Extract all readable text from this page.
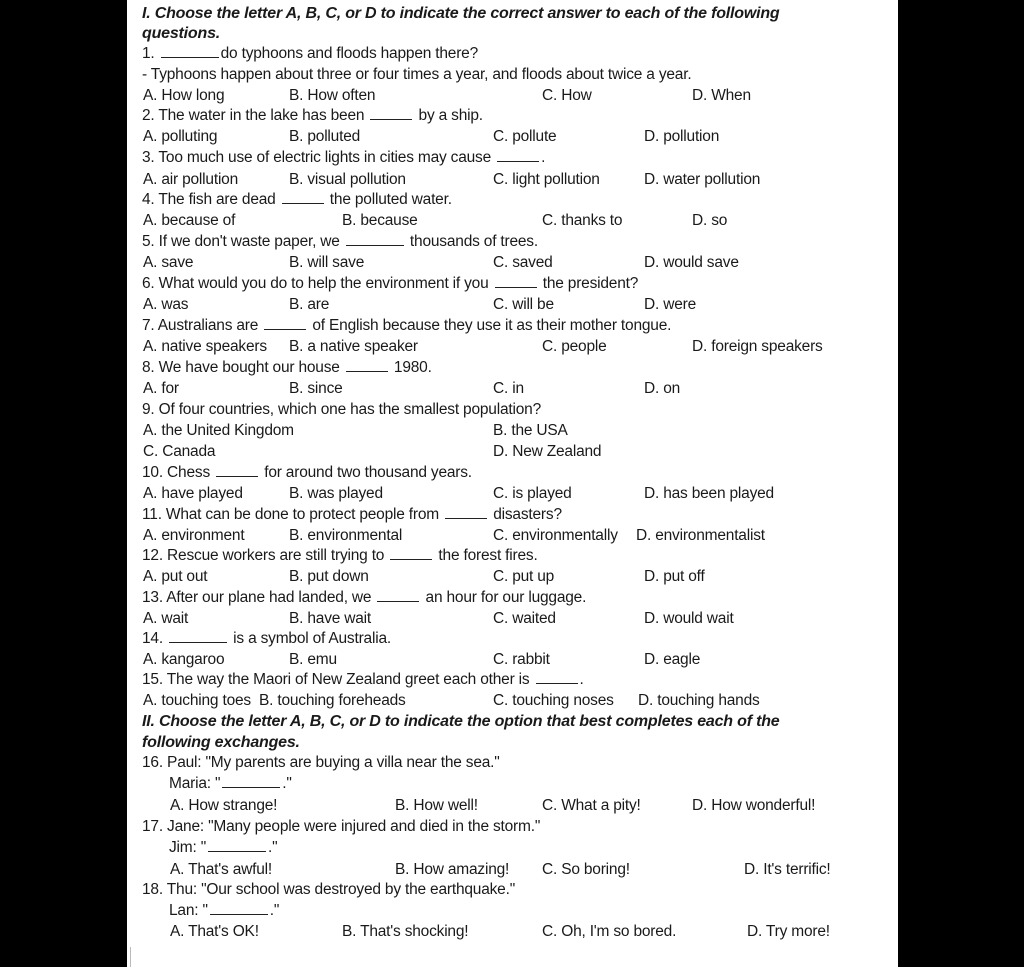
I. Choose the letter A, B, C, or D to indicate the correct answer to each of the following
questions.
1.	do typhoons and floods happen there?
- Typhoons happen about three or four times a year, and floods about twice a year.
A. How long	B. How often	C. How	D. When
2. The water in the lake has been	by a ship.
A. polluting	B. polluted	C. pollute	D. pollution
3. Too much use of electric lights in cities may cause	.
A. air pollution	B. visual pollution	C. light pollution	D. water pollution
4. The fish are dead	the polluted water.
A. because of	B. because	C. thanks to	D. so
5. If we don't waste paper, we	thousands of trees.
A. save	B. will save	C. saved	D. would save
6. What would you do to help the environment if you	the president?
A. was	B. are	C. will be	D. were
7. Australians are	of English because they use it as their mother tongue.
A. native speakers B. a native speaker	C. people	D. foreign speakers
8. We have bought our house	1980.
A. for	B. since	C. in	D. on
9. Of four countries, which one has the smallest population?
A. the United Kingdom	B. the USA
C. Canada	D. New Zealand
10. Chess	for around two thousand years.
A. have played	B. was played	C. is played	D. has been played
11. What can be done to protect people from	disasters?
A. environment	B. environmental	C. environmentally D. environmentalist
12. Rescue workers are still trying to	the forest fires.
A. put out	B. put down	C. put up	D. put off
13. After our plane had landed, we	an hour for our luggage.
A. wait	B. have wait	C. waited	D. would wait
14.	is a symbol of Australia.
A. kangaroo	B. emu	C. rabbit	D. eagle
15. The way the Maori of New Zealand greet each other is	.
A. touching toes B. touching foreheads	C. touching noses D. touching hands
II. Choose the letter A, B, C, or D to indicate the option that best completes each of the
following exchanges.
16. Paul: "My parents are buying a villa near the sea."
Maria: "	."
A. How strange!	B. How well!	C. What a pity!	D. How wonderful!
17. Jane: "Many people were injured and died in the storm."
Jim: "	."
A. That's awful!	B. How amazing! C. So boring!	D. It's terrific!
18. Thu: "Our school was destroyed by the earthquake."
Lan: "	."
A. That's OK!	B. That's shocking!	C. Oh, I'm so bored.	D. Try more!
